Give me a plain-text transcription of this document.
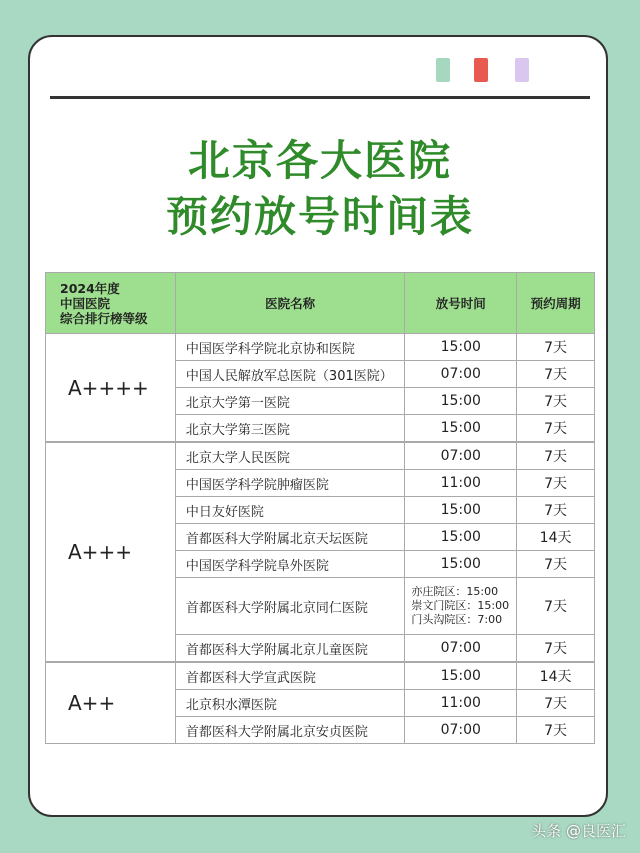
北京各大医院
预约放号时间表
2024年度
中国医院
综合排行榜等级	医院名称	放号时间	预约周期
A++++	中国医学科学院北京协和医院	15:00	7天
	中国人民解放军总医院（301医院）	07:00	7天
	北京大学第一医院	15:00	7天
	北京大学第三医院	15:00	7天
A+++	北京大学人民医院	07:00	7天
	中国医学科学院肿瘤医院	11:00	7天
	中日友好医院	15:00	7天
	首都医科大学附属北京天坛医院	15:00	14天
	中国医学科学院阜外医院	15:00	7天
	首都医科大学附属北京同仁医院	亦庄院区：15:00
崇文门院区：15:00
门头沟院区：7:00	7天
	首都医科大学附属北京儿童医院	07:00	7天
A++	首都医科大学宣武医院	15:00	14天
	北京积水潭医院	11:00	7天
	首都医科大学附属北京安贞医院	07:00	7天
头条 @良医汇
